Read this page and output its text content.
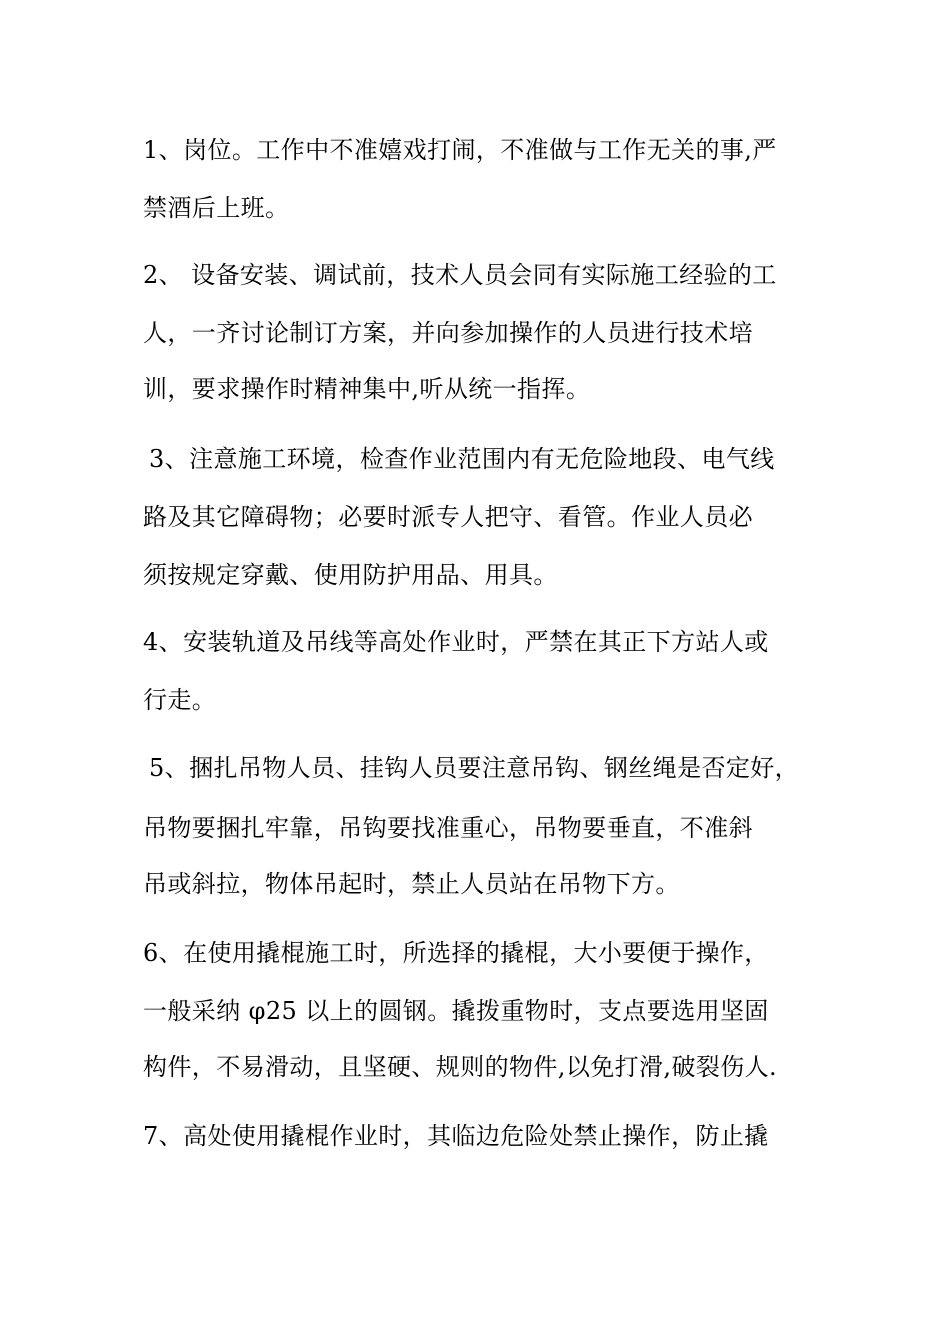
1、岗位。工作中不准嬉戏打闹，不准做与工作无关的事,严
禁酒后上班。
2、 设备安装、调试前，技术人员会同有实际施工经验的工
人，一齐讨论制订方案，并向参加操作的人员进行技术培
训，要求操作时精神集中,听从统一指挥。
3、注意施工环境，检查作业范围内有无危险地段、电气线
路及其它障碍物；必要时派专人把守、看管。作业人员必
须按规定穿戴、使用防护用品、用具。
4、安装轨道及吊线等高处作业时，严禁在其正下方站人或
行走。
5、捆扎吊物人员、挂钩人员要注意吊钩、钢丝绳是否定好，
吊物要捆扎牢靠，吊钩要找准重心，吊物要垂直，不准斜
吊或斜拉，物体吊起时，禁止人员站在吊物下方。
6、在使用撬棍施工时，所选择的撬棍，大小要便于操作，
一般采纳 φ25 以上的圆钢。撬拨重物时，支点要选用坚固
构件，不易滑动，且坚硬、规则的物件,以免打滑,破裂伤人.
7、高处使用撬棍作业时，其临边危险处禁止操作，防止撬
